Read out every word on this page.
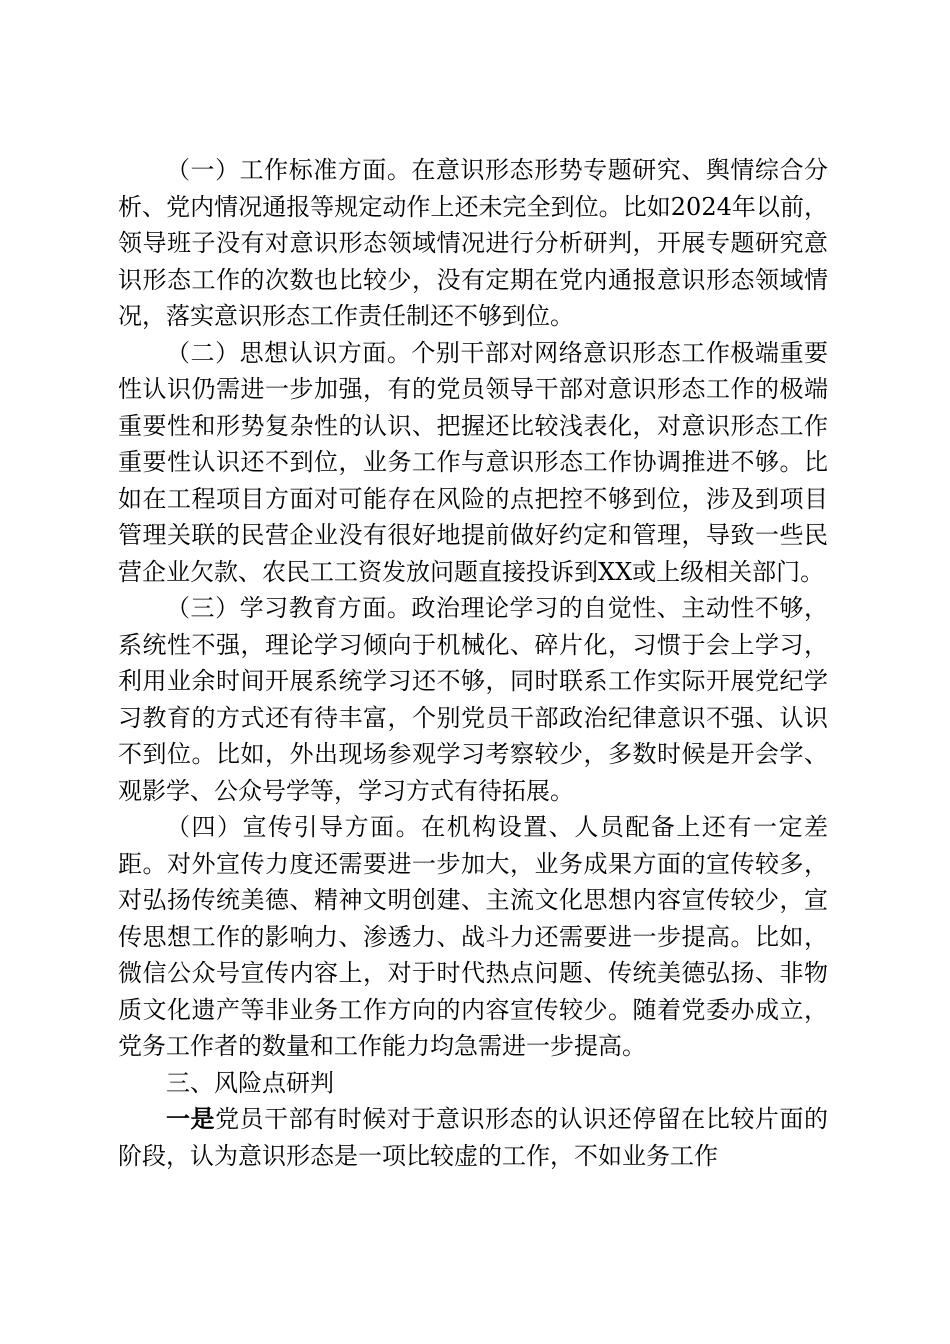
（一）工作标准方面。在意识形态形势专题研究、舆情综合分析、党内情况通报等规定动作上还未完全到位。比如2024年以前，领导班子没有对意识形态领域情况进行分析研判，开展专题研究意识形态工作的次数也比较少，没有定期在党内通报意识形态领域情况，落实意识形态工作责任制还不够到位。

（二）思想认识方面。个别干部对网络意识形态工作极端重要性认识仍需进一步加强，有的党员领导干部对意识形态工作的极端重要性和形势复杂性的认识、把握还比较浅表化，对意识形态工作重要性认识还不到位，业务工作与意识形态工作协调推进不够。比如在工程项目方面对可能存在风险的点把控不够到位，涉及到项目管理关联的民营企业没有很好地提前做好约定和管理，导致一些民营企业欠款、农民工工资发放问题直接投诉到XX或上级相关部门。

（三）学习教育方面。政治理论学习的自觉性、主动性不够，系统性不强，理论学习倾向于机械化、碎片化，习惯于会上学习，利用业余时间开展系统学习还不够，同时联系工作实际开展党纪学习教育的方式还有待丰富，个别党员干部政治纪律意识不强、认识不到位。比如，外出现场参观学习考察较少，多数时候是开会学、观影学、公众号学等，学习方式有待拓展。

（四）宣传引导方面。在机构设置、人员配备上还有一定差距。对外宣传力度还需要进一步加大，业务成果方面的宣传较多，对弘扬传统美德、精神文明创建、主流文化思想内容宣传较少，宣传思想工作的影响力、渗透力、战斗力还需要进一步提高。比如，微信公众号宣传内容上，对于时代热点问题、传统美德弘扬、非物质文化遗产等非业务工作方向的内容宣传较少。随着党委办成立，党务工作者的数量和工作能力均急需进一步提高。

三、风险点研判

一是党员干部有时候对于意识形态的认识还停留在比较片面的阶段，认为意识形态是一项比较虚的工作，不如业务工作
